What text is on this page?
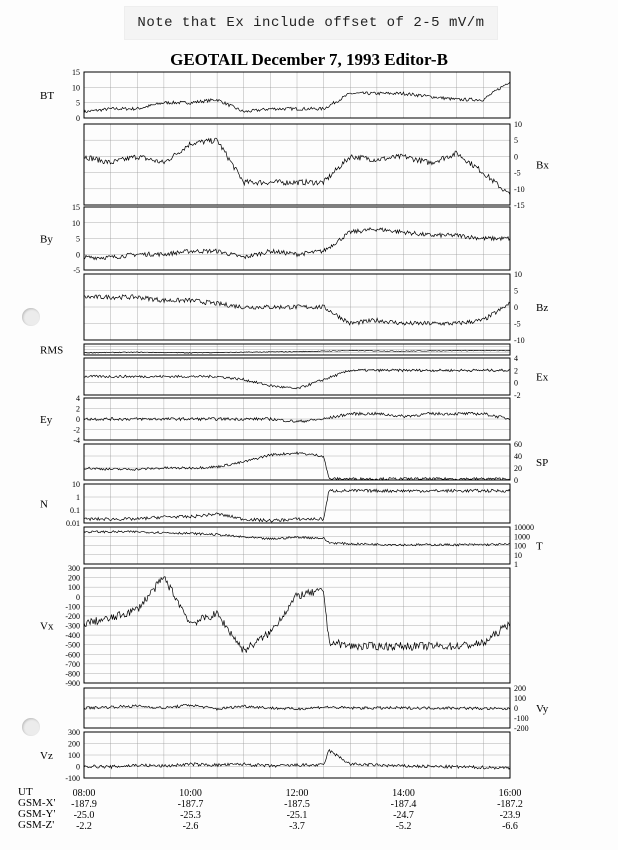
Note that Ex include offset of 2-5 mV/m
GEOTAIL December 7, 1993 Editor-B
15
10
5
0
BT
10
5
0
-5
-10
-15
Bx
15
10
5
0
-5
By
10
5
0
-5
-10
Bz
RMS
4
2
0
-2
Ex
4
2
0
-2
-4
Ey
60
40
20
0
SP
10
1
0.1
0.01
N
10000
1000
100
10
1
T
300
200
100
0
-100
-200
-300
-400
-500
-600
-700
-800
-900
Vx
200
100
0
-100
-200
Vy
300
200
100
0
-100
Vz
08:00
-187.9
-25.0
-2.2
10:00
-187.7
-25.3
-2.6
12:00
-187.5
-25.1
-3.7
14:00
-187.4
-24.7
-5.2
16:00
-187.2
-23.9
-6.6
UT
GSM-X'
GSM-Y'
GSM-Z'
